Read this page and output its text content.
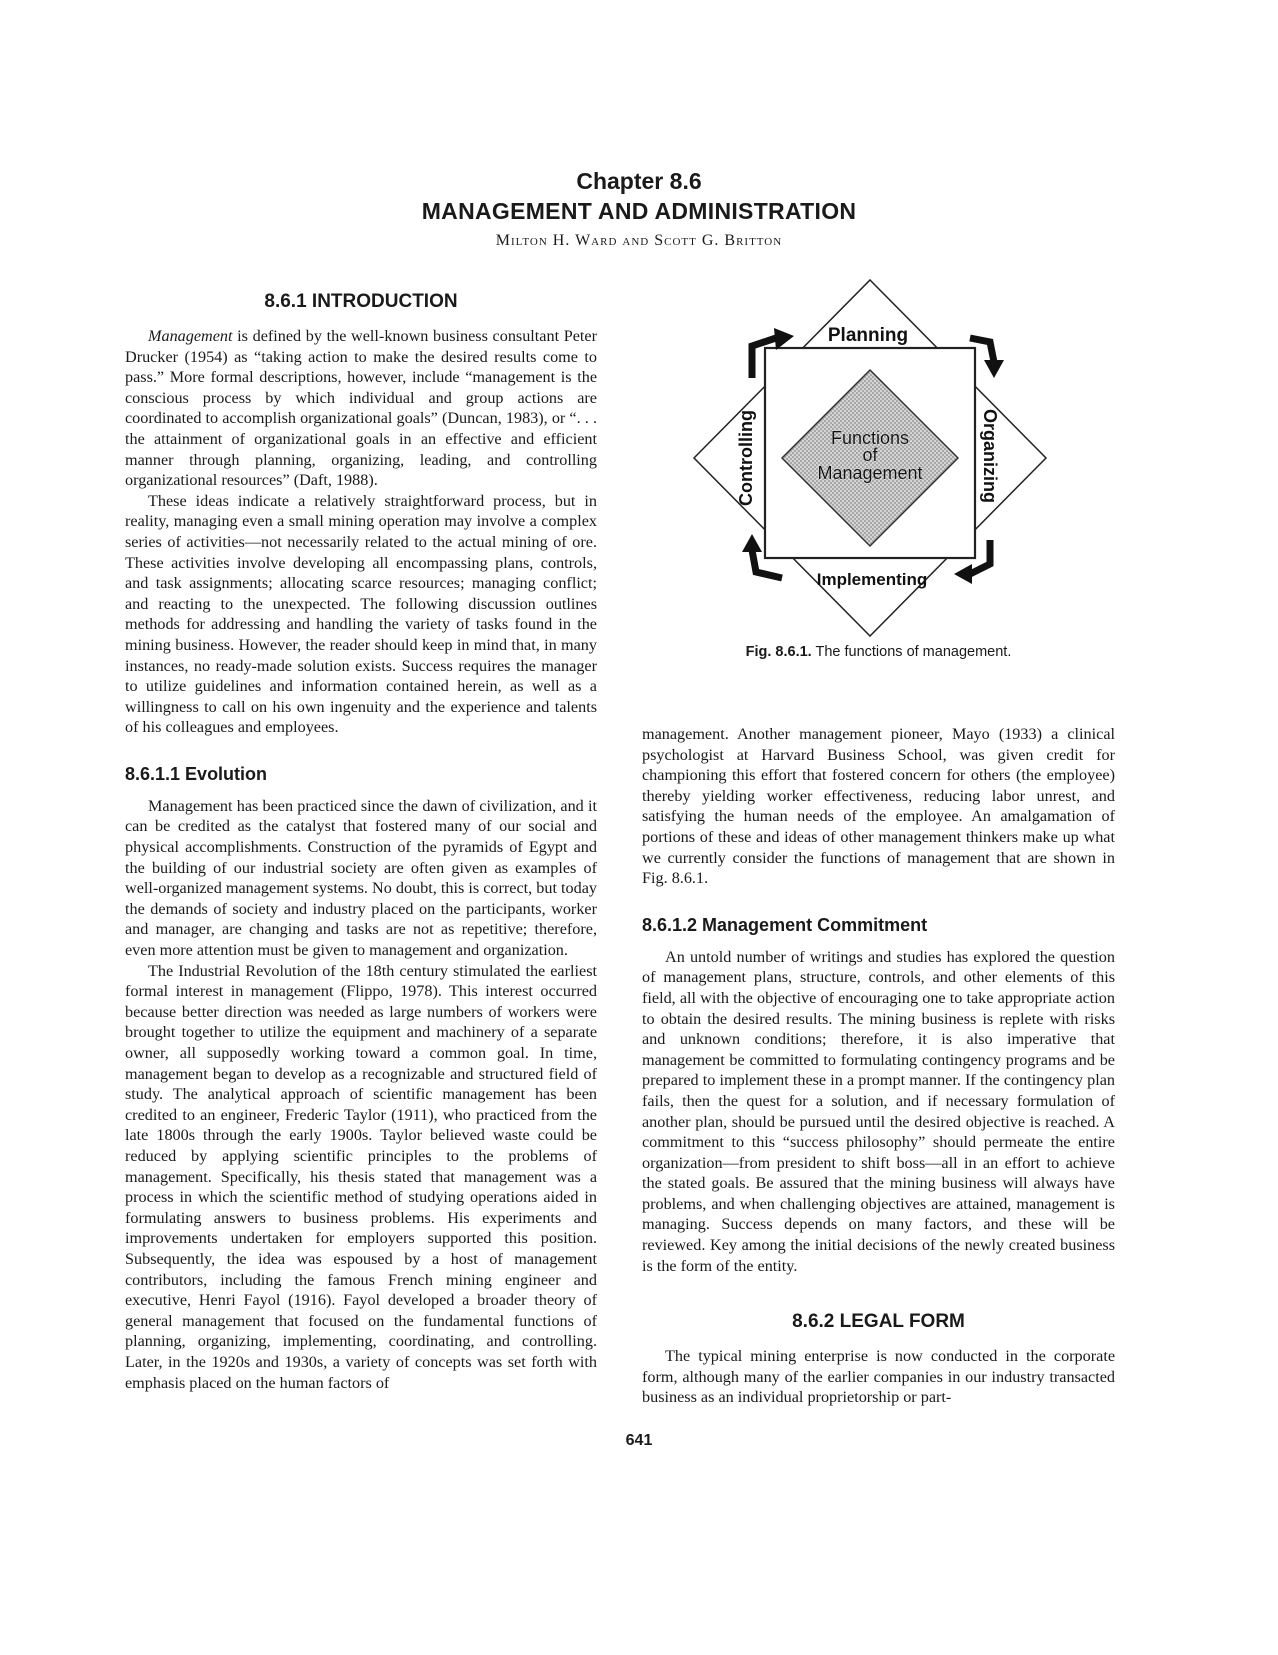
Chapter 8.6
MANAGEMENT AND ADMINISTRATION
Milton H. Ward and Scott G. Britton
8.6.1 INTRODUCTION

Management is defined by the well-known business consultant Peter Drucker (1954) as “taking action to make the desired results come to pass.” More formal descriptions, however, include “management is the conscious process by which individual and group actions are coordinated to accomplish organizational goals” (Duncan, 1983), or “. . . the attainment of organizational goals in an effective and efficient manner through planning, organizing, leading, and controlling organizational resources” (Daft, 1988).

These ideas indicate a relatively straightforward process, but in reality, managing even a small mining operation may involve a complex series of activities—not necessarily related to the actual mining of ore. These activities involve developing all encompassing plans, controls, and task assignments; allocating scarce resources; managing conflict; and reacting to the unexpected. The following discussion outlines methods for addressing and handling the variety of tasks found in the mining business. However, the reader should keep in mind that, in many instances, no ready-made solution exists. Success requires the manager to utilize guidelines and information contained herein, as well as a willingness to call on his own ingenuity and the experience and talents of his colleagues and employees.

8.6.1.1 Evolution

Management has been practiced since the dawn of civilization, and it can be credited as the catalyst that fostered many of our social and physical accomplishments. Construction of the pyramids of Egypt and the building of our industrial society are often given as examples of well-organized management systems. No doubt, this is correct, but today the demands of society and industry placed on the participants, worker and manager, are changing and tasks are not as repetitive; therefore, even more attention must be given to management and organization.

The Industrial Revolution of the 18th century stimulated the earliest formal interest in management (Flippo, 1978). This interest occurred because better direction was needed as large numbers of workers were brought together to utilize the equipment and machinery of a separate owner, all supposedly working toward a common goal. In time, management began to develop as a recognizable and structured field of study. The analytical approach of scientific management has been credited to an engineer, Frederic Taylor (1911), who practiced from the late 1800s through the early 1900s. Taylor believed waste could be reduced by applying scientific principles to the problems of management. Specifically, his thesis stated that management was a process in which the scientific method of studying operations aided in formulating answers to business problems. His experiments and improvements undertaken for employers supported this position. Subsequently, the idea was espoused by a host of management contributors, including the famous French mining engineer and executive, Henri Fayol (1916). Fayol developed a broader theory of general management that focused on the fundamental functions of planning, organizing, implementing, coordinating, and controlling. Later, in the 1920s and 1930s, a variety of concepts was set forth with emphasis placed on the human factors of

Planning
Implementing
Organizing
Controlling	Functions
of
Management
Fig. 8.6.1. The functions of management.

management. Another management pioneer, Mayo (1933) a clinical psychologist at Harvard Business School, was given credit for championing this effort that fostered concern for others (the employee) thereby yielding worker effectiveness, reducing labor unrest, and satisfying the human needs of the employee. An amalgamation of portions of these and ideas of other management thinkers make up what we currently consider the functions of management that are shown in Fig. 8.6.1.

8.6.1.2 Management Commitment

An untold number of writings and studies has explored the question of management plans, structure, controls, and other elements of this field, all with the objective of encouraging one to take appropriate action to obtain the desired results. The mining business is replete with risks and unknown conditions; therefore, it is also imperative that management be committed to formulating contingency programs and be prepared to implement these in a prompt manner. If the contingency plan fails, then the quest for a solution, and if necessary formulation of another plan, should be pursued until the desired objective is reached. A commitment to this “success philosophy” should permeate the entire organization—from president to shift boss—all in an effort to achieve the stated goals. Be assured that the mining business will always have problems, and when challenging objectives are attained, management is managing. Success depends on many factors, and these will be reviewed. Key among the initial decisions of the newly created business is the form of the entity.

8.6.2 LEGAL FORM

The typical mining enterprise is now conducted in the corporate form, although many of the earlier companies in our industry transacted business as an individual proprietorship or part-

641
